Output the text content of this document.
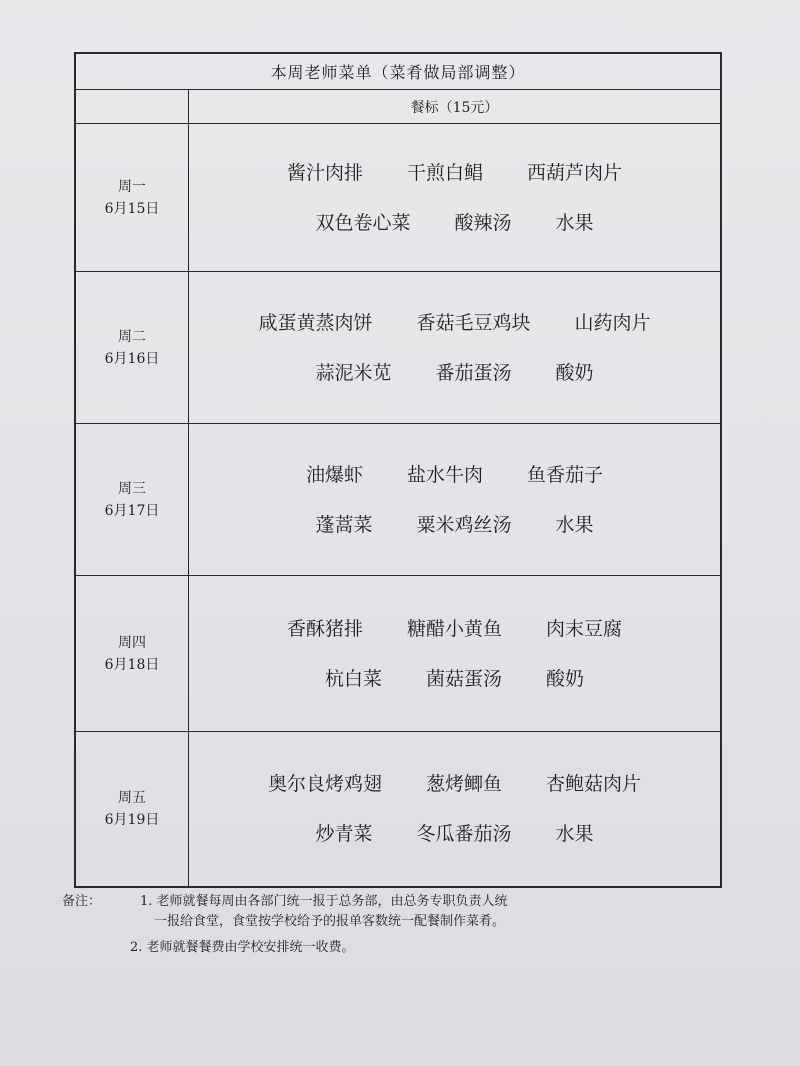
本周老师菜单（菜肴做局部调整）
餐标（15元）
周一
6月15日
酱汁肉排 干煎白鲳 西葫芦肉片
双色卷心菜 酸辣汤 水果
周二
6月16日
咸蛋黄蒸肉饼 香菇毛豆鸡块 山药肉片
蒜泥米苋 番茄蛋汤 酸奶
周三
6月17日
油爆虾 盐水牛肉 鱼香茄子
蓬蒿菜 粟米鸡丝汤 水果
周四
6月18日
香酥猪排 糖醋小黄鱼 肉末豆腐
杭白菜 菌菇蛋汤 酸奶
周五
6月19日
奥尔良烤鸡翅 葱烤鲫鱼 杏鲍菇肉片
炒青菜 冬瓜番茄汤 水果
备注：	1. 老师就餐每周由各部门统一报于总务部，由总务专职负责人统
一报给食堂，食堂按学校给予的报单客数统一配餐制作菜肴。
2. 老师就餐餐费由学校安排统一收费。
